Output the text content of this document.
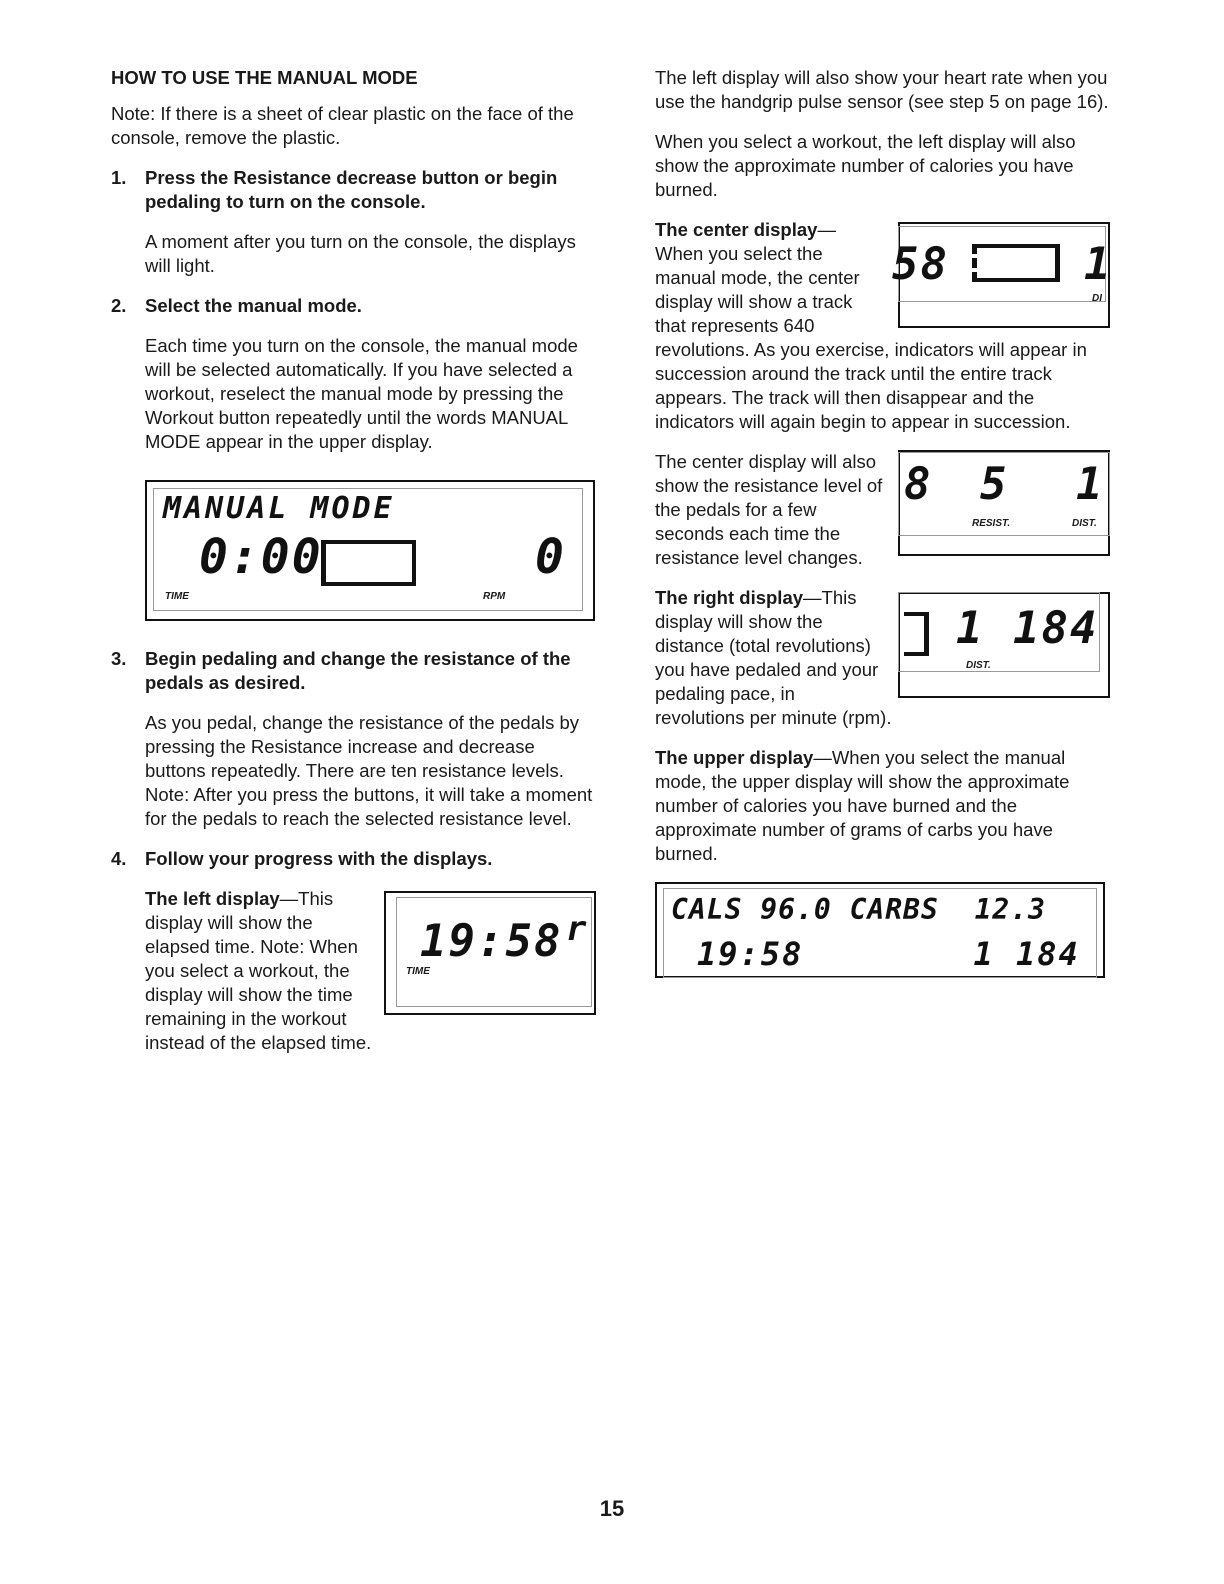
HOW TO USE THE MANUAL MODE

Note: If there is a sheet of clear plastic on the face of the console, remove the plastic.

1.	Press the Resistance decrease button or begin pedaling to turn on the console.

A moment after you turn on the console, the displays will light.

2.	Select the manual mode.

Each time you turn on the console, the manual mode will be selected automatically. If you have selected a workout, reselect the manual mode by pressing the Workout button repeatedly until the words MANUAL MODE appear in the upper display.

MANUAL MODE
0:00	0
TIME	RPM
3.	Begin pedaling and change the resistance of the pedals as desired.

As you pedal, change the resistance of the pedals by pressing the Resistance increase and decrease buttons repeatedly. There are ten resistance levels. Note: After you press the buttons, it will take a moment for the pedals to reach the selected resistance level.

4.	Follow your progress with the displays.
19:58 r
TIME

The left display—This display will show the elapsed time. Note: When you select a workout, the display will show the time remaining in the workout instead of the elapsed time.

The left display will also show your heart rate when you use the handgrip pulse sensor (see step 5 on page 16).

When you select a workout, the left display will also show the approximate number of calories you have burned.

58	1
DI

The center display—When you select the manual mode, the center display will show a track that represents 640 revolutions. As you exercise, indicators will appear in succession around the track until the entire track appears. The track will then disappear and the indicators will again begin to appear in succession.

8 5 1
RESIST.	DIST.

The center display will also show the resistance level of the pedals for a few seconds each time the resistance level changes.

1 184
DIST.

The right display—This display will show the distance (total revolutions) you have pedaled and your pedaling pace, in revolutions per minute (rpm).

The upper display—When you select the manual mode, the upper display will show the approximate number of calories you have burned and the approximate number of grams of carbs you have burned.

CALS 96.0 CARBS  12.3
19:58        1 184
15
